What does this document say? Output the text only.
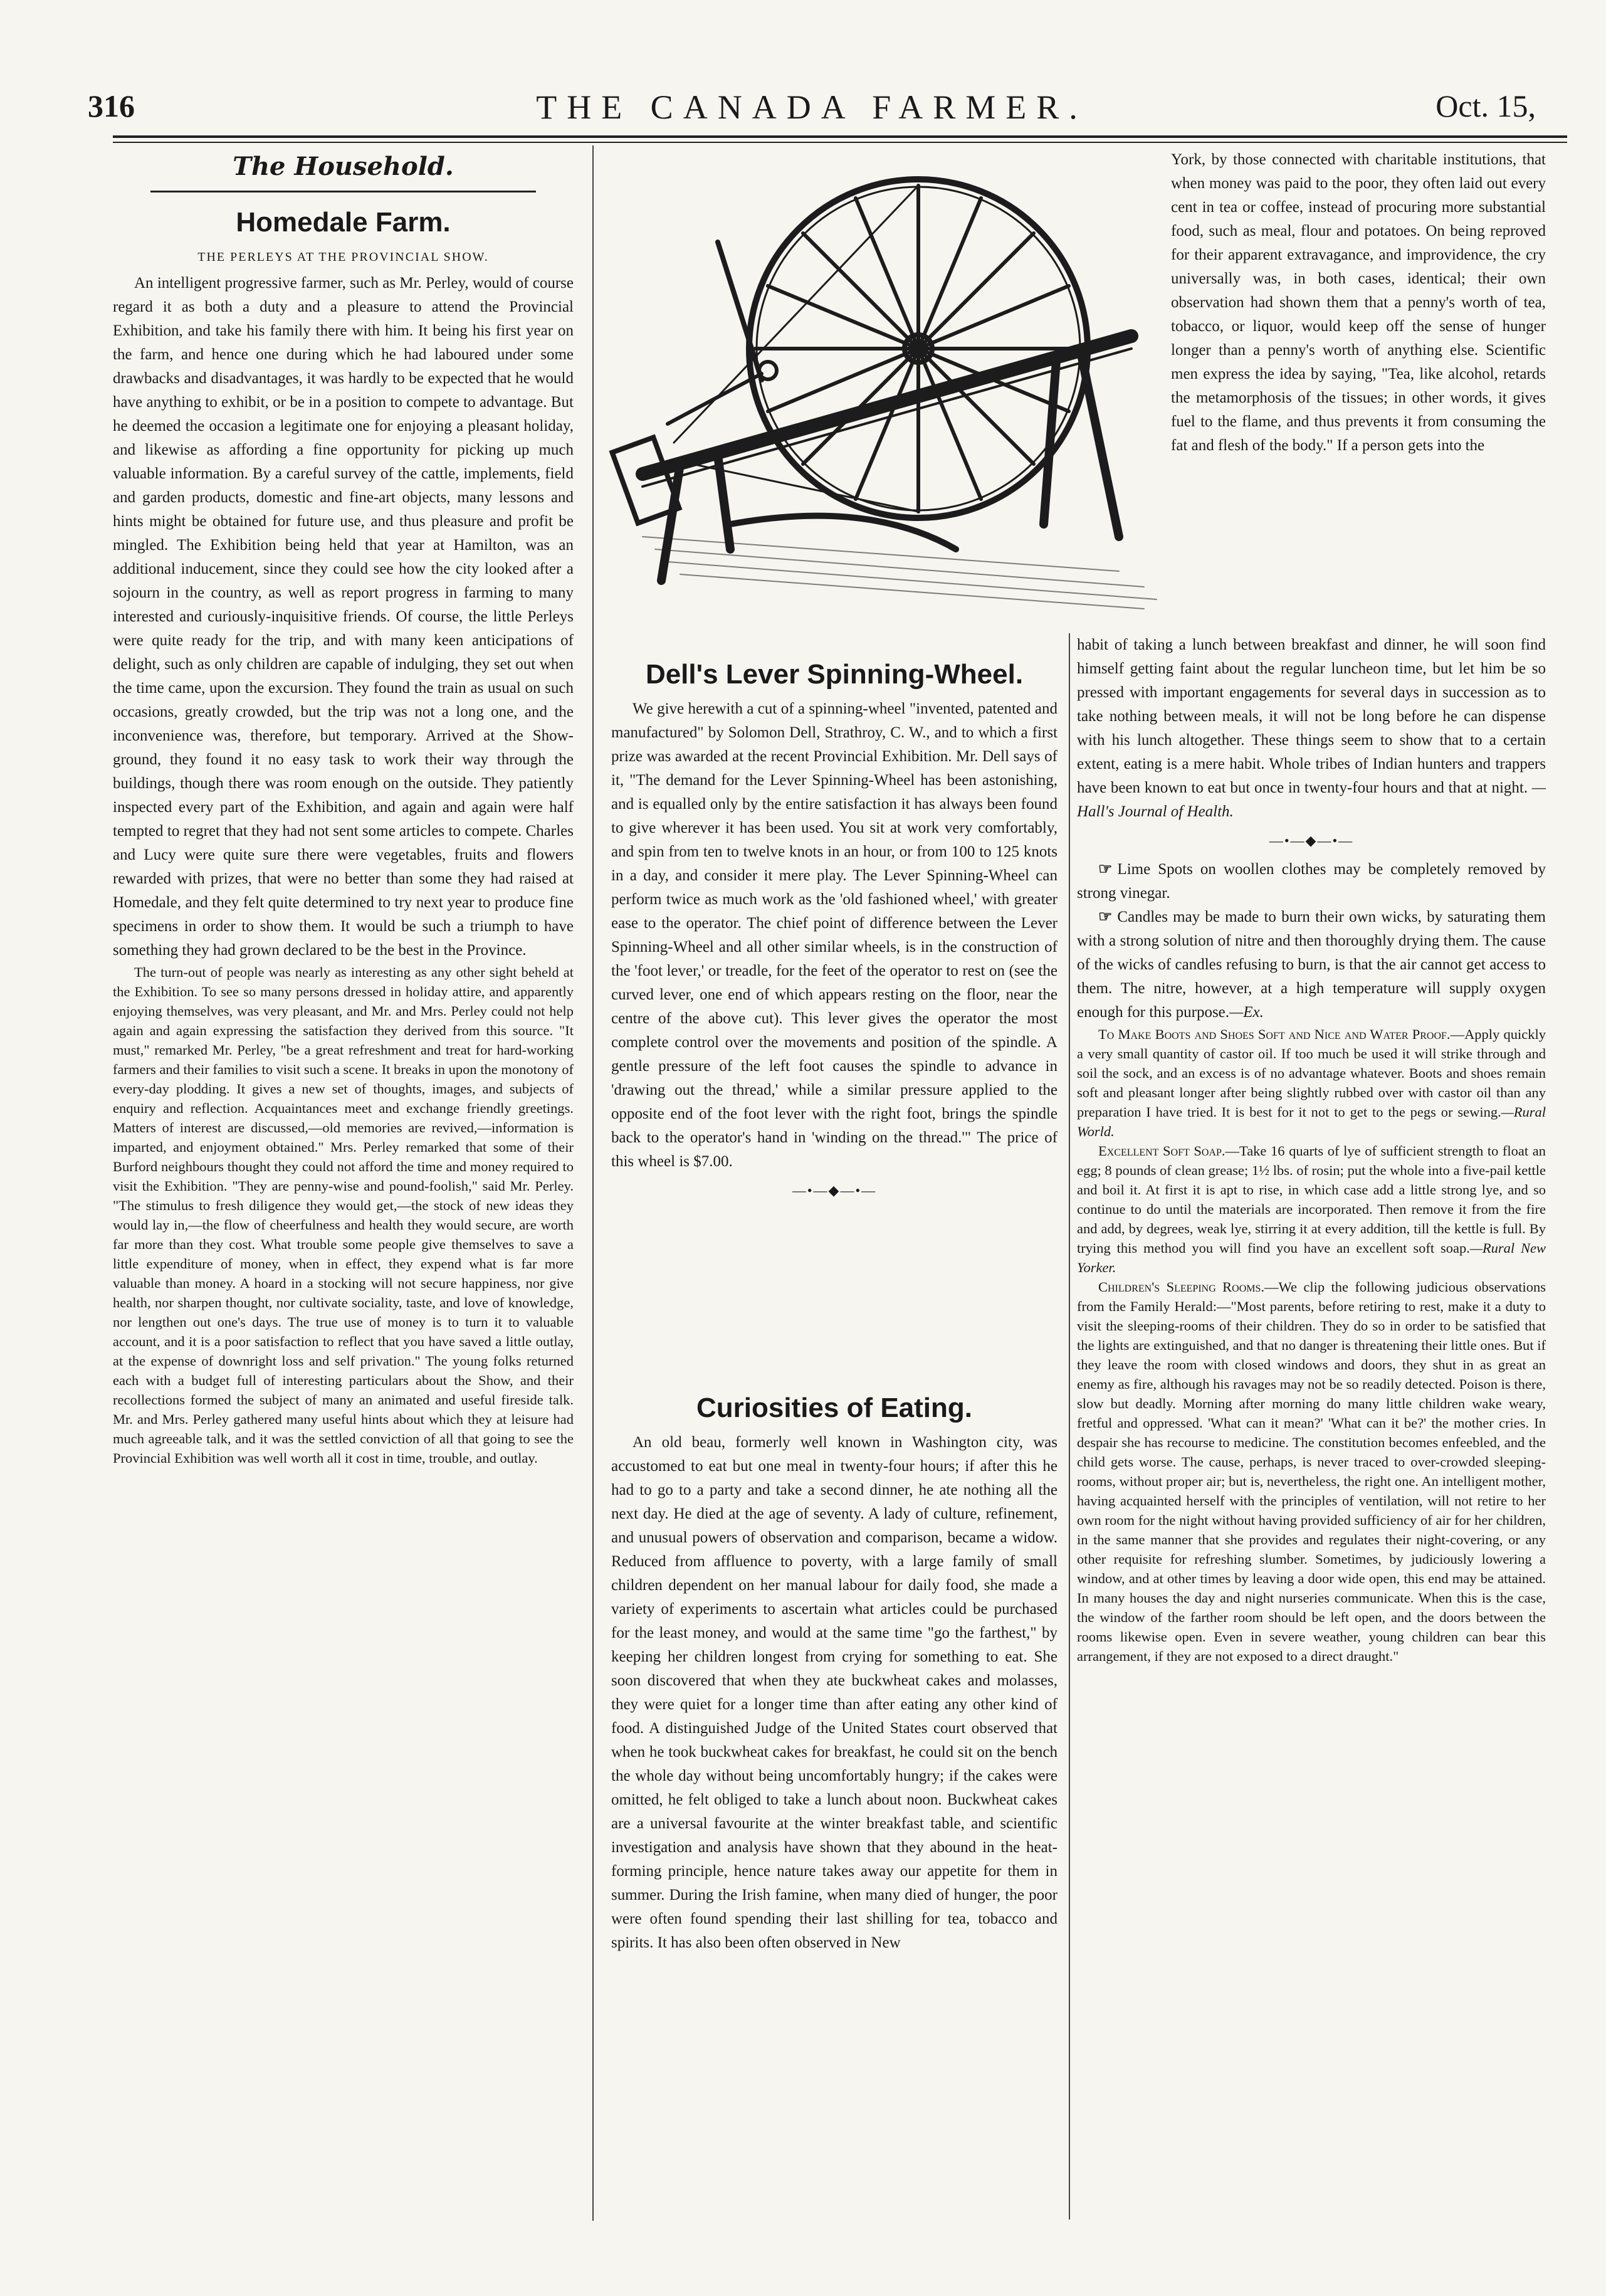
316	THE CANADA FARMER.	Oct. 15,
The Household.
Homedale Farm.
THE PERLEYS AT THE PROVINCIAL SHOW.

An intelligent progressive farmer, such as Mr. Perley, would of course regard it as both a duty and a pleasure to attend the Provincial Exhibition, and take his family there with him. It being his first year on the farm, and hence one during which he had laboured under some drawbacks and disadvantages, it was hardly to be expected that he would have anything to exhibit, or be in a position to compete to advantage. But he deemed the occasion a legitimate one for enjoying a pleasant holiday, and likewise as affording a fine opportunity for picking up much valuable information. By a careful survey of the cattle, implements, field and garden products, domestic and fine-art objects, many lessons and hints might be obtained for future use, and thus pleasure and profit be mingled. The Exhibition being held that year at Hamilton, was an additional inducement, since they could see how the city looked after a sojourn in the country, as well as report progress in farming to many interested and curiously-inquisitive friends. Of course, the little Perleys were quite ready for the trip, and with many keen anticipations of delight, such as only children are capable of indulging, they set out when the time came, upon the excursion. They found the train as usual on such occasions, greatly crowded, but the trip was not a long one, and the inconvenience was, therefore, but temporary. Arrived at the Show-ground, they found it no easy task to work their way through the buildings, though there was room enough on the outside. They patiently inspected every part of the Exhibition, and again and again were half tempted to regret that they had not sent some articles to compete. Charles and Lucy were quite sure there were vegetables, fruits and flowers rewarded with prizes, that were no better than some they had raised at Homedale, and they felt quite determined to try next year to produce fine specimens in order to show them. It would be such a triumph to have something they had grown declared to be the best in the Province.

The turn-out of people was nearly as interesting as any other sight beheld at the Exhibition. To see so many persons dressed in holiday attire, and apparently enjoying themselves, was very pleasant, and Mr. and Mrs. Perley could not help again and again expressing the satisfaction they derived from this source. "It must," remarked Mr. Perley, "be a great refreshment and treat for hard-working farmers and their families to visit such a scene. It breaks in upon the monotony of every-day plodding. It gives a new set of thoughts, images, and subjects of enquiry and reflection. Acquaintances meet and exchange friendly greetings. Matters of interest are discussed,—old memories are revived,—information is imparted, and enjoyment obtained." Mrs. Perley remarked that some of their Burford neighbours thought they could not afford the time and money required to visit the Exhibition. "They are penny-wise and pound-foolish," said Mr. Perley. "The stimulus to fresh diligence they would get,—the stock of new ideas they would lay in,—the flow of cheerfulness and health they would secure, are worth far more than they cost. What trouble some people give themselves to save a little expenditure of money, when in effect, they expend what is far more valuable than money. A hoard in a stocking will not secure happiness, nor give health, nor sharpen thought, nor cultivate sociality, taste, and love of knowledge, nor lengthen out one's days. The true use of money is to turn it to valuable account, and it is a poor satisfaction to reflect that you have saved a little outlay, at the expense of downright loss and self privation." The young folks returned each with a budget full of interesting particulars about the Show, and their recollections formed the subject of many an animated and useful fireside talk. Mr. and Mrs. Perley gathered many useful hints about which they at leisure had much agreeable talk, and it was the settled conviction of all that going to see the Provincial Exhibition was well worth all it cost in time, trouble, and outlay.

Dell's Lever Spinning-Wheel.

We give herewith a cut of a spinning-wheel "invented, patented and manufactured" by Solomon Dell, Strathroy, C. W., and to which a first prize was awarded at the recent Provincial Exhibition. Mr. Dell says of it, "The demand for the Lever Spinning-Wheel has been astonishing, and is equalled only by the entire satisfaction it has always been found to give wherever it has been used. You sit at work very comfortably, and spin from ten to twelve knots in an hour, or from 100 to 125 knots in a day, and consider it mere play. The Lever Spinning-Wheel can perform twice as much work as the 'old fashioned wheel,' with greater ease to the operator. The chief point of difference between the Lever Spinning-Wheel and all other similar wheels, is in the construction of the 'foot lever,' or treadle, for the feet of the operator to rest on (see the curved lever, one end of which appears resting on the floor, near the centre of the above cut). This lever gives the operator the most complete control over the movements and position of the spindle. A gentle pressure of the left foot causes the spindle to advance in 'drawing out the thread,' while a similar pressure applied to the opposite end of the foot lever with the right foot, brings the spindle back to the operator's hand in 'winding on the thread.'" The price of this wheel is $7.00.

—•—◆—•—
Curiosities of Eating.

An old beau, formerly well known in Washington city, was accustomed to eat but one meal in twenty-four hours; if after this he had to go to a party and take a second dinner, he ate nothing all the next day. He died at the age of seventy. A lady of culture, refinement, and unusual powers of observation and comparison, became a widow. Reduced from affluence to poverty, with a large family of small children dependent on her manual labour for daily food, she made a variety of experiments to ascertain what articles could be purchased for the least money, and would at the same time "go the farthest," by keeping her children longest from crying for something to eat. She soon discovered that when they ate buckwheat cakes and molasses, they were quiet for a longer time than after eating any other kind of food. A distinguished Judge of the United States court observed that when he took buckwheat cakes for breakfast, he could sit on the bench the whole day without being uncomfortably hungry; if the cakes were omitted, he felt obliged to take a lunch about noon. Buckwheat cakes are a universal favourite at the winter breakfast table, and scientific investigation and analysis have shown that they abound in the heat-forming principle, hence nature takes away our appetite for them in summer. During the Irish famine, when many died of hunger, the poor were often found spending their last shilling for tea, tobacco and spirits. It has also been often observed in New

York, by those connected with charitable institutions, that when money was paid to the poor, they often laid out every cent in tea or coffee, instead of procuring more substantial food, such as meal, flour and potatoes. On being reproved for their apparent extravagance, and improvidence, the cry universally was, in both cases, identical; their own observation had shown them that a penny's worth of tea, tobacco, or liquor, would keep off the sense of hunger longer than a penny's worth of anything else. Scientific men express the idea by saying, "Tea, like alcohol, retards the metamorphosis of the tissues; in other words, it gives fuel to the flame, and thus prevents it from consuming the fat and flesh of the body." If a person gets into the

habit of taking a lunch between breakfast and dinner, he will soon find himself getting faint about the regular luncheon time, but let him be so pressed with important engagements for several days in succession as to take nothing between meals, it will not be long before he can dispense with his lunch altogether. These things seem to show that to a certain extent, eating is a mere habit. Whole tribes of Indian hunters and trappers have been known to eat but once in twenty-four hours and that at night. —Hall's Journal of Health.

—•—◆—•—

☞ Lime Spots on woollen clothes may be completely removed by strong vinegar.

☞ Candles may be made to burn their own wicks, by saturating them with a strong solution of nitre and then thoroughly drying them. The cause of the wicks of candles refusing to burn, is that the air cannot get access to them. The nitre, however, at a high temperature will supply oxygen enough for this purpose.—Ex.

To Make Boots and Shoes Soft and Nice and Water Proof.—Apply quickly a very small quantity of castor oil. If too much be used it will strike through and soil the sock, and an excess is of no advantage whatever. Boots and shoes remain soft and pleasant longer after being slightly rubbed over with castor oil than any preparation I have tried. It is best for it not to get to the pegs or sewing.—Rural World.

Excellent Soft Soap.—Take 16 quarts of lye of sufficient strength to float an egg; 8 pounds of clean grease; 1½ lbs. of rosin; put the whole into a five-pail kettle and boil it. At first it is apt to rise, in which case add a little strong lye, and so continue to do until the materials are incorporated. Then remove it from the fire and add, by degrees, weak lye, stirring it at every addition, till the kettle is full. By trying this method you will find you have an excellent soft soap.—Rural New Yorker.

Children's Sleeping Rooms.—We clip the following judicious observations from the Family Herald:—"Most parents, before retiring to rest, make it a duty to visit the sleeping-rooms of their children. They do so in order to be satisfied that the lights are extinguished, and that no danger is threatening their little ones. But if they leave the room with closed windows and doors, they shut in as great an enemy as fire, although his ravages may not be so readily detected. Poison is there, slow but deadly. Morning after morning do many little children wake weary, fretful and oppressed. 'What can it mean?' 'What can it be?' the mother cries. In despair she has recourse to medicine. The constitution becomes enfeebled, and the child gets worse. The cause, perhaps, is never traced to over-crowded sleeping-rooms, without proper air; but is, nevertheless, the right one. An intelligent mother, having acquainted herself with the principles of ventilation, will not retire to her own room for the night without having provided sufficiency of air for her children, in the same manner that she provides and regulates their night-covering, or any other requisite for refreshing slumber. Sometimes, by judiciously lowering a window, and at other times by leaving a door wide open, this end may be attained. In many houses the day and night nurseries communicate. When this is the case, the window of the farther room should be left open, and the doors between the rooms likewise open. Even in severe weather, young children can bear this arrangement, if they are not exposed to a direct draught."
